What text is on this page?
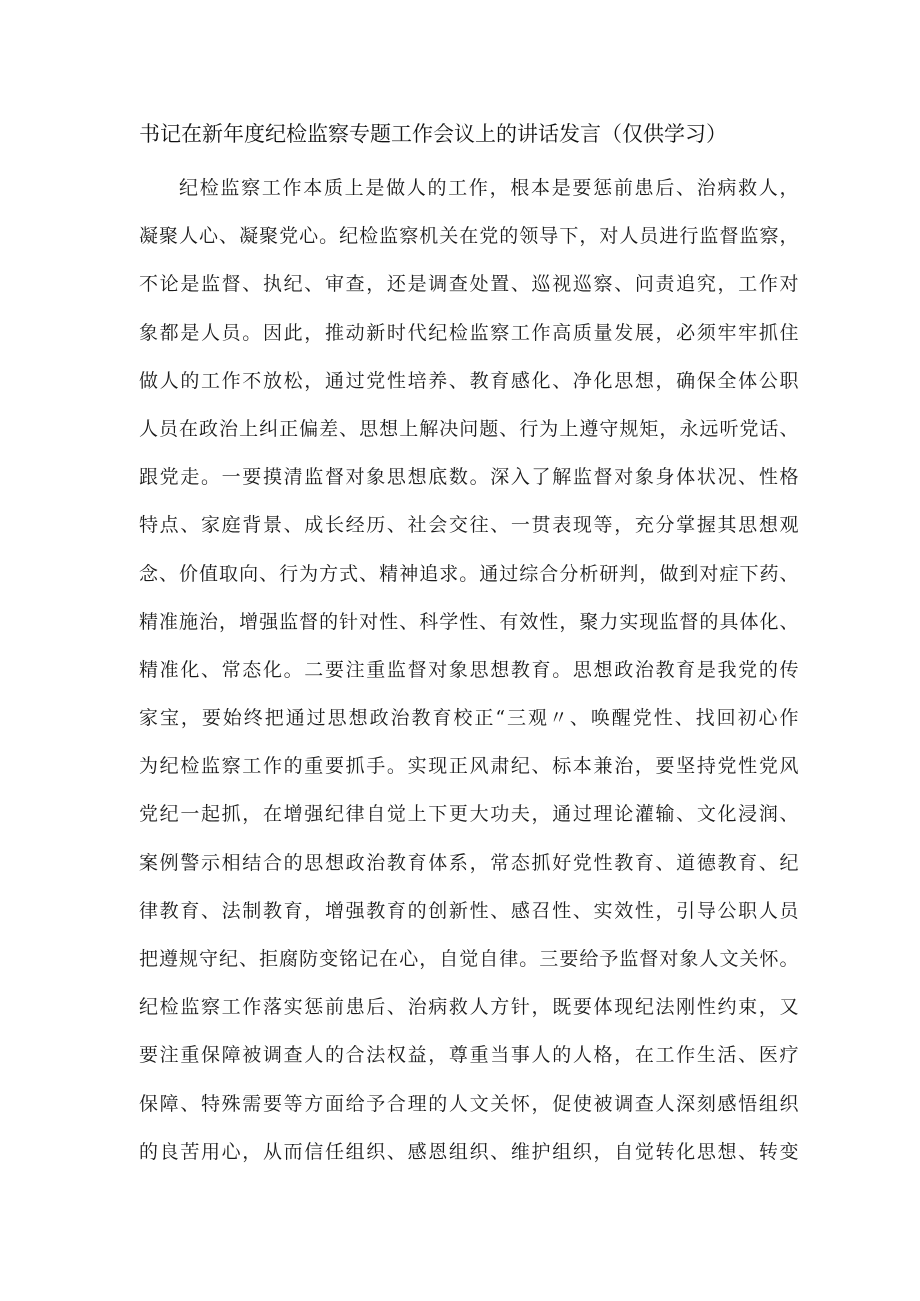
书记在新年度纪检监察专题工作会议上的讲话发言（仅供学习）
纪检监察工作本质上是做人的工作，根本是要惩前患后、治病救人，
凝聚人心、凝聚党心。纪检监察机关在党的领导下，对人员进行监督监察，
不论是监督、执纪、审查，还是调查处置、巡视巡察、问责追究，工作对
象都是人员。因此，推动新时代纪检监察工作高质量发展，必须牢牢抓住
做人的工作不放松，通过党性培养、教育感化、净化思想，确保全体公职
人员在政治上纠正偏差、思想上解决问题、行为上遵守规矩，永远听党话、
跟党走。一要摸清监督对象思想底数。深入了解监督对象身体状况、性格
特点、家庭背景、成长经历、社会交往、一贯表现等，充分掌握其思想观
念、价值取向、行为方式、精神追求。通过综合分析研判，做到对症下药、
精准施治，增强监督的针对性、科学性、有效性，聚力实现监督的具体化、
精准化、常态化。二要注重监督对象思想教育。思想政治教育是我党的传
家宝，要始终把通过思想政治教育校正“三观〃、唤醒党性、找回初心作
为纪检监察工作的重要抓手。实现正风肃纪、标本兼治，要坚持党性党风
党纪一起抓，在增强纪律自觉上下更大功夫，通过理论灌输、文化浸润、
案例警示相结合的思想政治教育体系，常态抓好党性教育、道德教育、纪
律教育、法制教育，增强教育的创新性、感召性、实效性，引导公职人员
把遵规守纪、拒腐防变铭记在心，自觉自律。三要给予监督对象人文关怀。
纪检监察工作落实惩前患后、治病救人方针，既要体现纪法刚性约束，又
要注重保障被调查人的合法权益，尊重当事人的人格，在工作生活、医疗
保障、特殊需要等方面给予合理的人文关怀，促使被调查人深刻感悟组织
的良苦用心，从而信任组织、感恩组织、维护组织，自觉转化思想、转变
